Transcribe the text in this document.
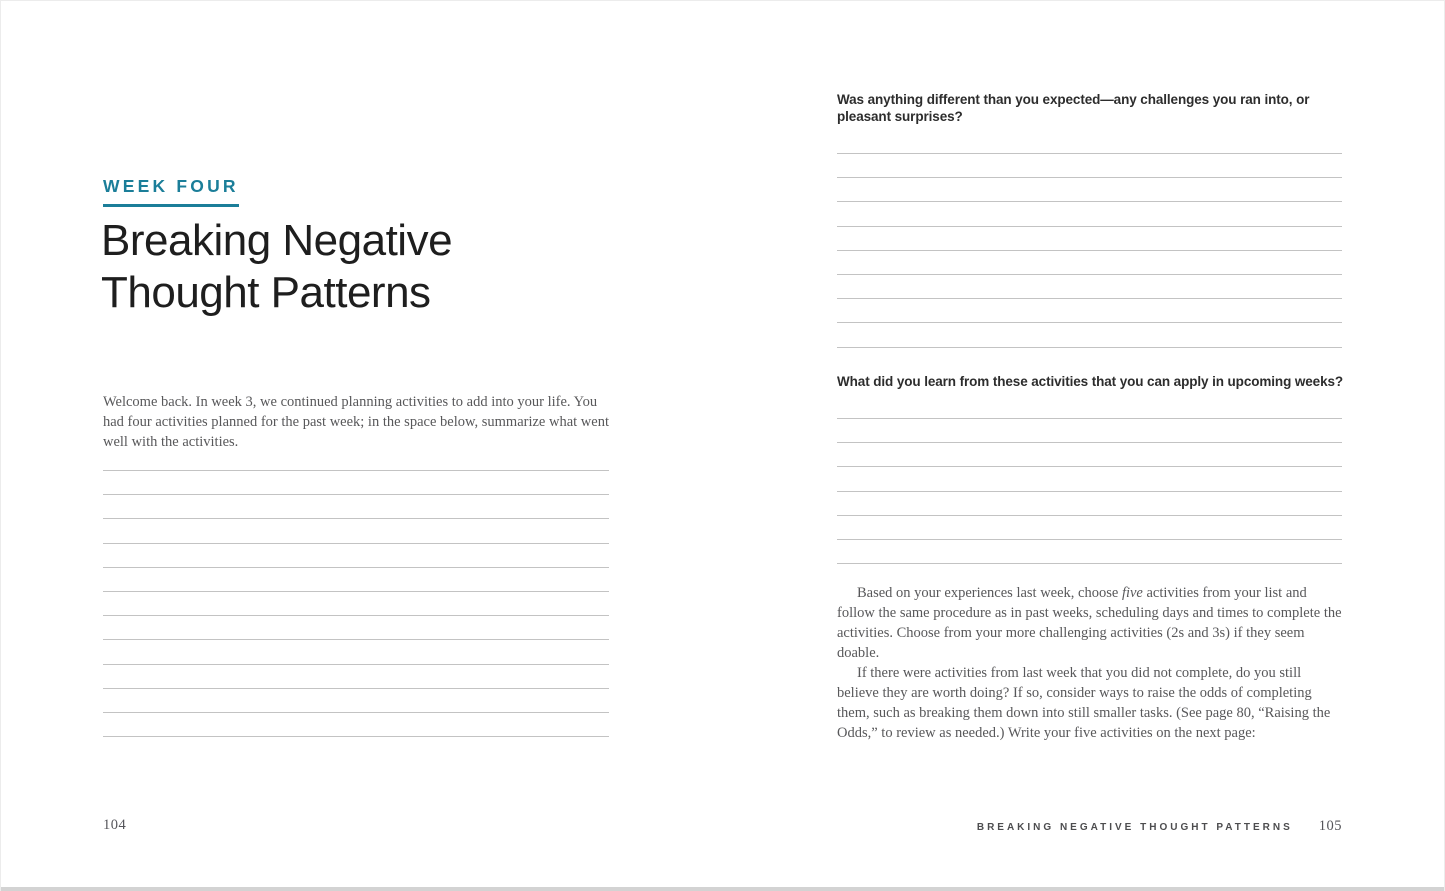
WEEK FOUR
Breaking Negative
Thought Patterns
Welcome back. In week 3, we continued planning activities to add into your life. You had four activities planned for the past week; in the space below, summarize what went well with the activities.
104
Was anything different than you expected—any challenges you ran into, or pleasant surprises?
What did you learn from these activities that you can apply in upcoming weeks?

Based on your experiences last week, choose five activities from your list and follow the same procedure as in past weeks, scheduling days and times to complete the activities. Choose from your more challenging activities (2s and 3s) if they seem doable.

If there were activities from last week that you did not complete, do you still believe they are worth doing? If so, consider ways to raise the odds of completing them, such as breaking them down into still smaller tasks. (See page 80, “Raising the Odds,” to review as needed.) Write your five activities on the next page:

BREAKING NEGATIVE THOUGHT PATTERNS 105
